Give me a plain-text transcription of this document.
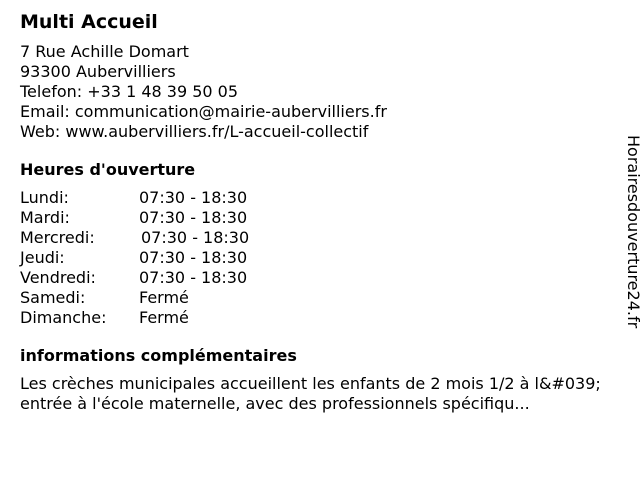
Multi Accueil
7 Rue Achille Domart
93300 Aubervilliers
Telefon: +33 1 48 39 50 05
Email: communication@mairie-aubervilliers.fr
Web: www.aubervilliers.fr/L-accueil-collectif
Heures d'ouverture
Lundi:	07:30 - 18:30
Mardi:	07:30 - 18:30
Mercredi:	07:30 - 18:30
Jeudi:	07:30 - 18:30
Vendredi:	07:30 - 18:30
Samedi:	Fermé
Dimanche:	Fermé
informations complémentaires
Les crèches municipales accueillent les enfants de 2 mois 1/2 à l&#039;entrée à l'école maternelle, avec des professionnels spécifiqu...
Horairesdouverture24.fr
